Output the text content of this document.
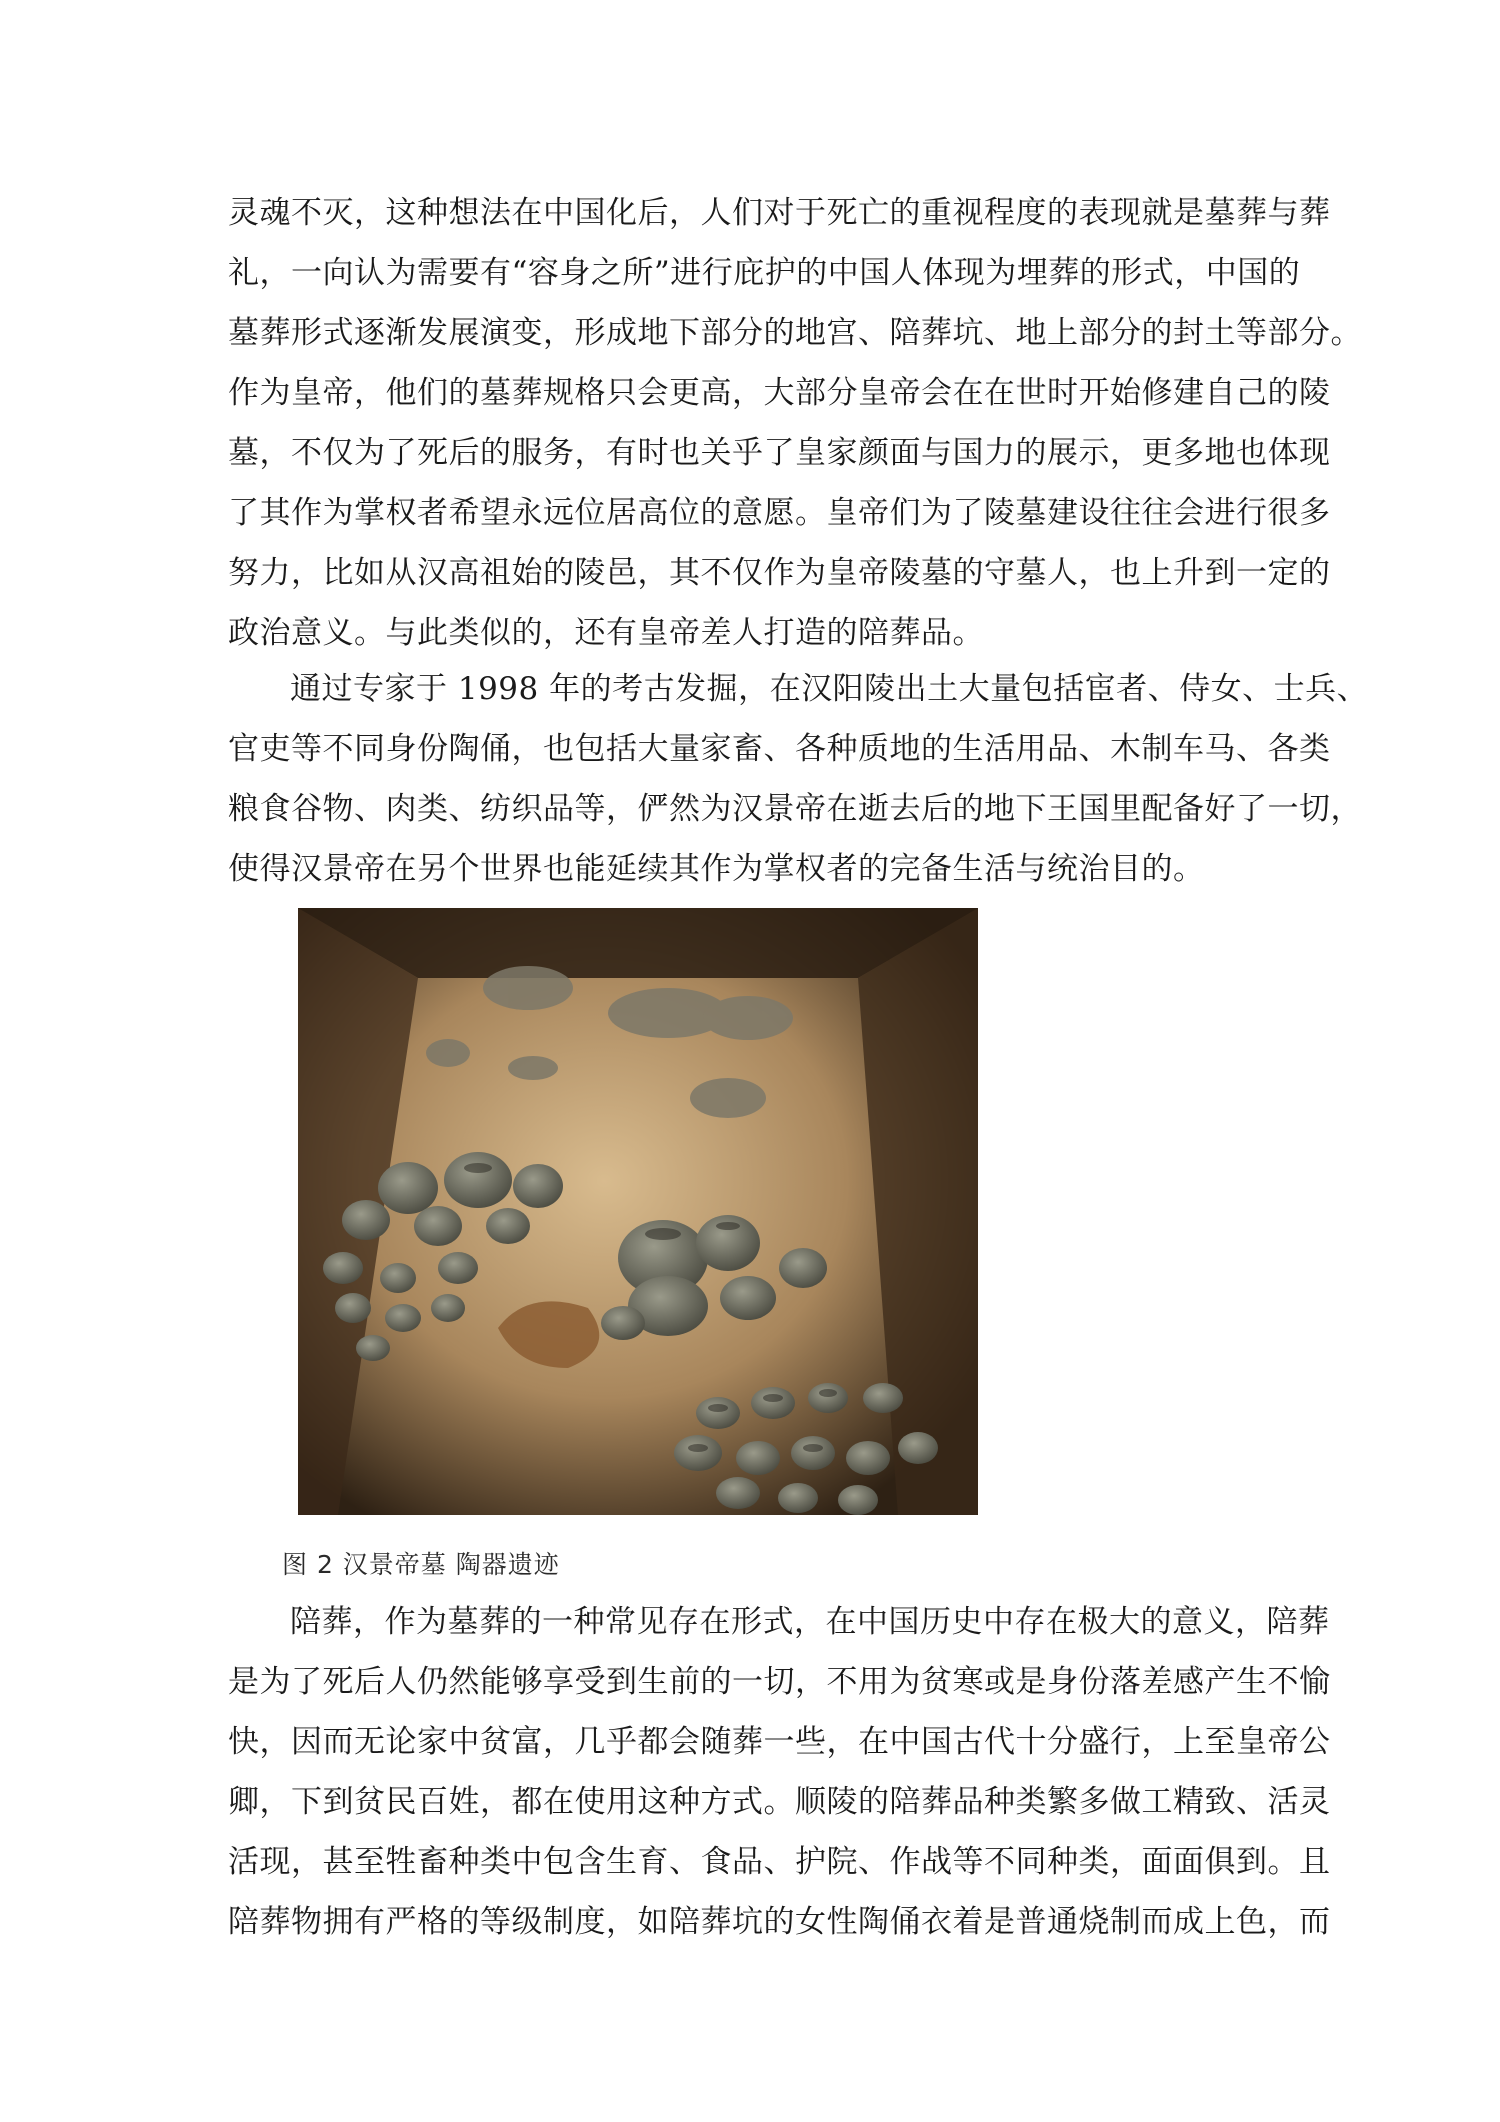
灵魂不灭，这种想法在中国化后，人们对于死亡的重视程度的表现就是墓葬与葬
礼，一向认为需要有“容身之所”进行庇护的中国人体现为埋葬的形式，中国的
墓葬形式逐渐发展演变，形成地下部分的地宫、陪葬坑、地上部分的封土等部分。
作为皇帝，他们的墓葬规格只会更高，大部分皇帝会在在世时开始修建自己的陵
墓，不仅为了死后的服务，有时也关乎了皇家颜面与国力的展示，更多地也体现
了其作为掌权者希望永远位居高位的意愿。皇帝们为了陵墓建设往往会进行很多
努力，比如从汉高祖始的陵邑，其不仅作为皇帝陵墓的守墓人，也上升到一定的
政治意义。与此类似的，还有皇帝差人打造的陪葬品。
通过专家于 1998 年的考古发掘，在汉阳陵出土大量包括宦者、侍女、士兵、
官吏等不同身份陶俑，也包括大量家畜、各种质地的生活用品、木制车马、各类
粮食谷物、肉类、纺织品等，俨然为汉景帝在逝去后的地下王国里配备好了一切，
使得汉景帝在另个世界也能延续其作为掌权者的完备生活与统治目的。

图 2 汉景帝墓 陶器遗迹

陪葬，作为墓葬的一种常见存在形式，在中国历史中存在极大的意义，陪葬
是为了死后人仍然能够享受到生前的一切，不用为贫寒或是身份落差感产生不愉
快，因而无论家中贫富，几乎都会随葬一些，在中国古代十分盛行，上至皇帝公
卿，下到贫民百姓，都在使用这种方式。顺陵的陪葬品种类繁多做工精致、活灵
活现，甚至牲畜种类中包含生育、食品、护院、作战等不同种类，面面俱到。且
陪葬物拥有严格的等级制度，如陪葬坑的女性陶俑衣着是普通烧制而成上色，而
